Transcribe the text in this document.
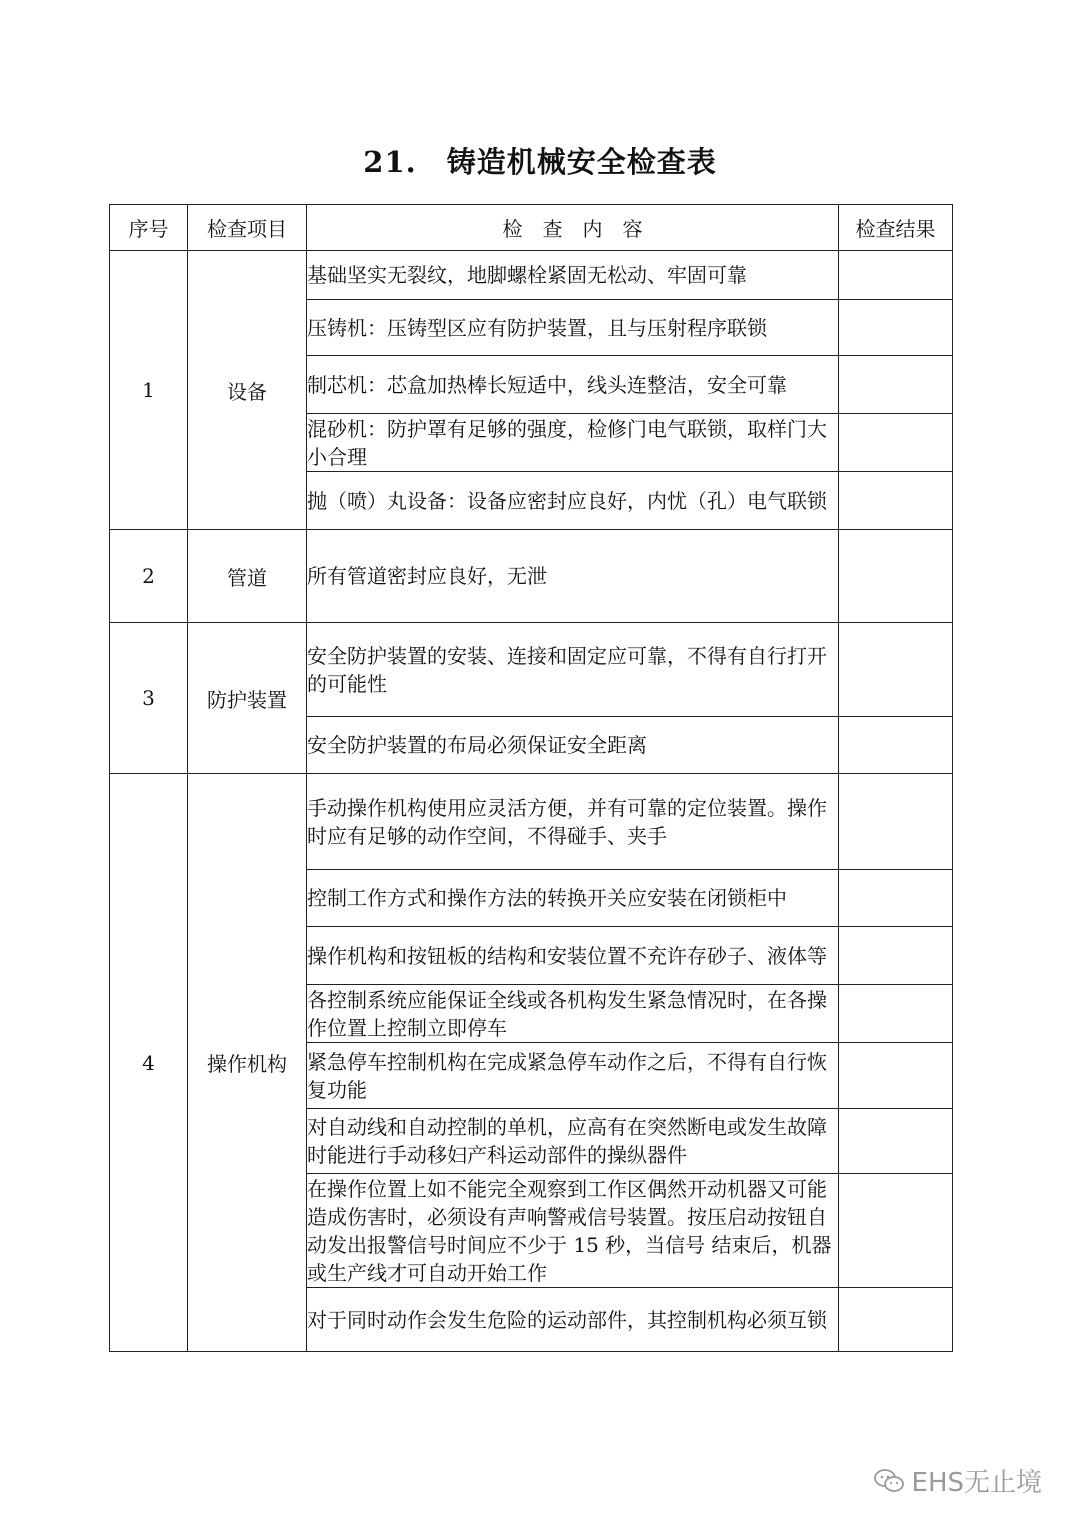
21. 铸造机械安全检查表
序号	检查项目	检　查　内　容	检查结果
1	设备	基础坚实无裂纹，地脚螺栓紧固无松动、牢固可靠	
		压铸机：压铸型区应有防护装置，且与压射程序联锁	
		制芯机：芯盒加热棒长短适中，线头连整洁，安全可靠	
		混砂机：防护罩有足够的强度，检修门电气联锁，取样门大小合理	
		抛（喷）丸设备：设备应密封应良好，内忧（孔）电气联锁	
2	管道	所有管道密封应良好，无泄	
3	防护装置	安全防护装置的安装、连接和固定应可靠，不得有自行打开的可能性	
		安全防护装置的布局必须保证安全距离	
4	操作机构	手动操作机构使用应灵活方便，并有可靠的定位装置。操作时应有足够的动作空间，不得碰手、夹手	
		控制工作方式和操作方法的转换开关应安装在闭锁柜中	
		操作机构和按钮板的结构和安装位置不充许存砂子、液体等	
		各控制系统应能保证全线或各机构发生紧急情况时，在各操作位置上控制立即停车	
		紧急停车控制机构在完成紧急停车动作之后，不得有自行恢复功能	
		对自动线和自动控制的单机，应高有在突然断电或发生故障时能进行手动移妇产科运动部件的操纵器件	
		在操作位置上如不能完全观察到工作区偶然开动机器又可能造成伤害时，必须设有声响警戒信号装置。按压启动按钮自动发出报警信号时间应不少于 15 秒，当信号 结束后，机器或生产线才可自动开始工作	
		对于同时动作会发生危险的运动部件，其控制机构必须互锁	
EHS无止境
